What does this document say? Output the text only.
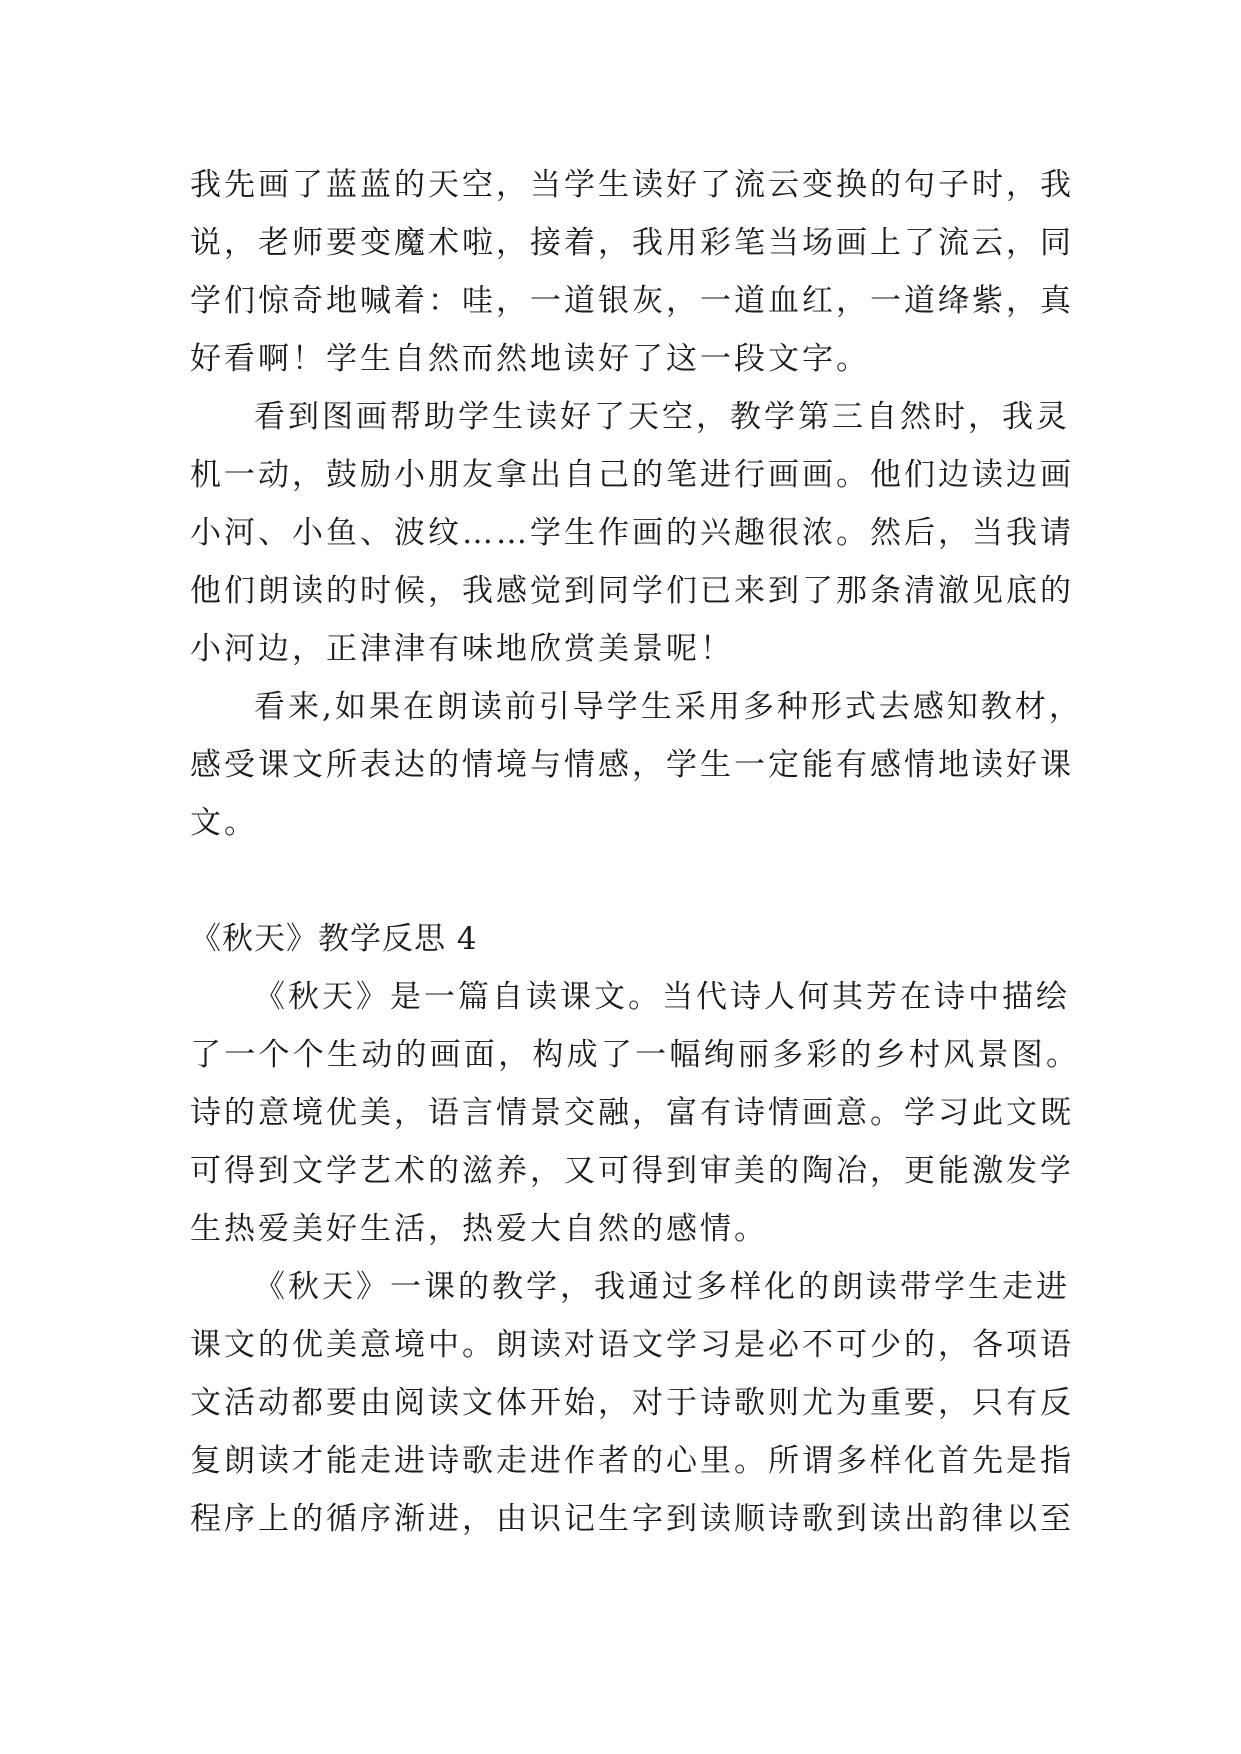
我先画了蓝蓝的天空，当学生读好了流云变换的句子时，我
说，老师要变魔术啦，接着，我用彩笔当场画上了流云，同
学们惊奇地喊着：哇，一道银灰，一道血红，一道绛紫，真
好看啊！学生自然而然地读好了这一段文字。
看到图画帮助学生读好了天空，教学第三自然时，我灵
机一动，鼓励小朋友拿出自己的笔进行画画。他们边读边画
小河、小鱼、波纹……学生作画的兴趣很浓。然后，当我请
他们朗读的时候，我感觉到同学们已来到了那条清澈见底的
小河边，正津津有味地欣赏美景呢！
看来,如果在朗读前引导学生采用多种形式去感知教材，
感受课文所表达的情境与情感，学生一定能有感情地读好课
文。
《秋天》教学反思 4
《秋天》是一篇自读课文。当代诗人何其芳在诗中描绘
了一个个生动的画面，构成了一幅绚丽多彩的乡村风景图。
诗的意境优美，语言情景交融，富有诗情画意。学习此文既
可得到文学艺术的滋养，又可得到审美的陶冶，更能激发学
生热爱美好生活，热爱大自然的感情。
《秋天》一课的教学，我通过多样化的朗读带学生走进
课文的优美意境中。朗读对语文学习是必不可少的，各项语
文活动都要由阅读文体开始，对于诗歌则尤为重要，只有反
复朗读才能走进诗歌走进作者的心里。所谓多样化首先是指
程序上的循序渐进，由识记生字到读顺诗歌到读出韵律以至
